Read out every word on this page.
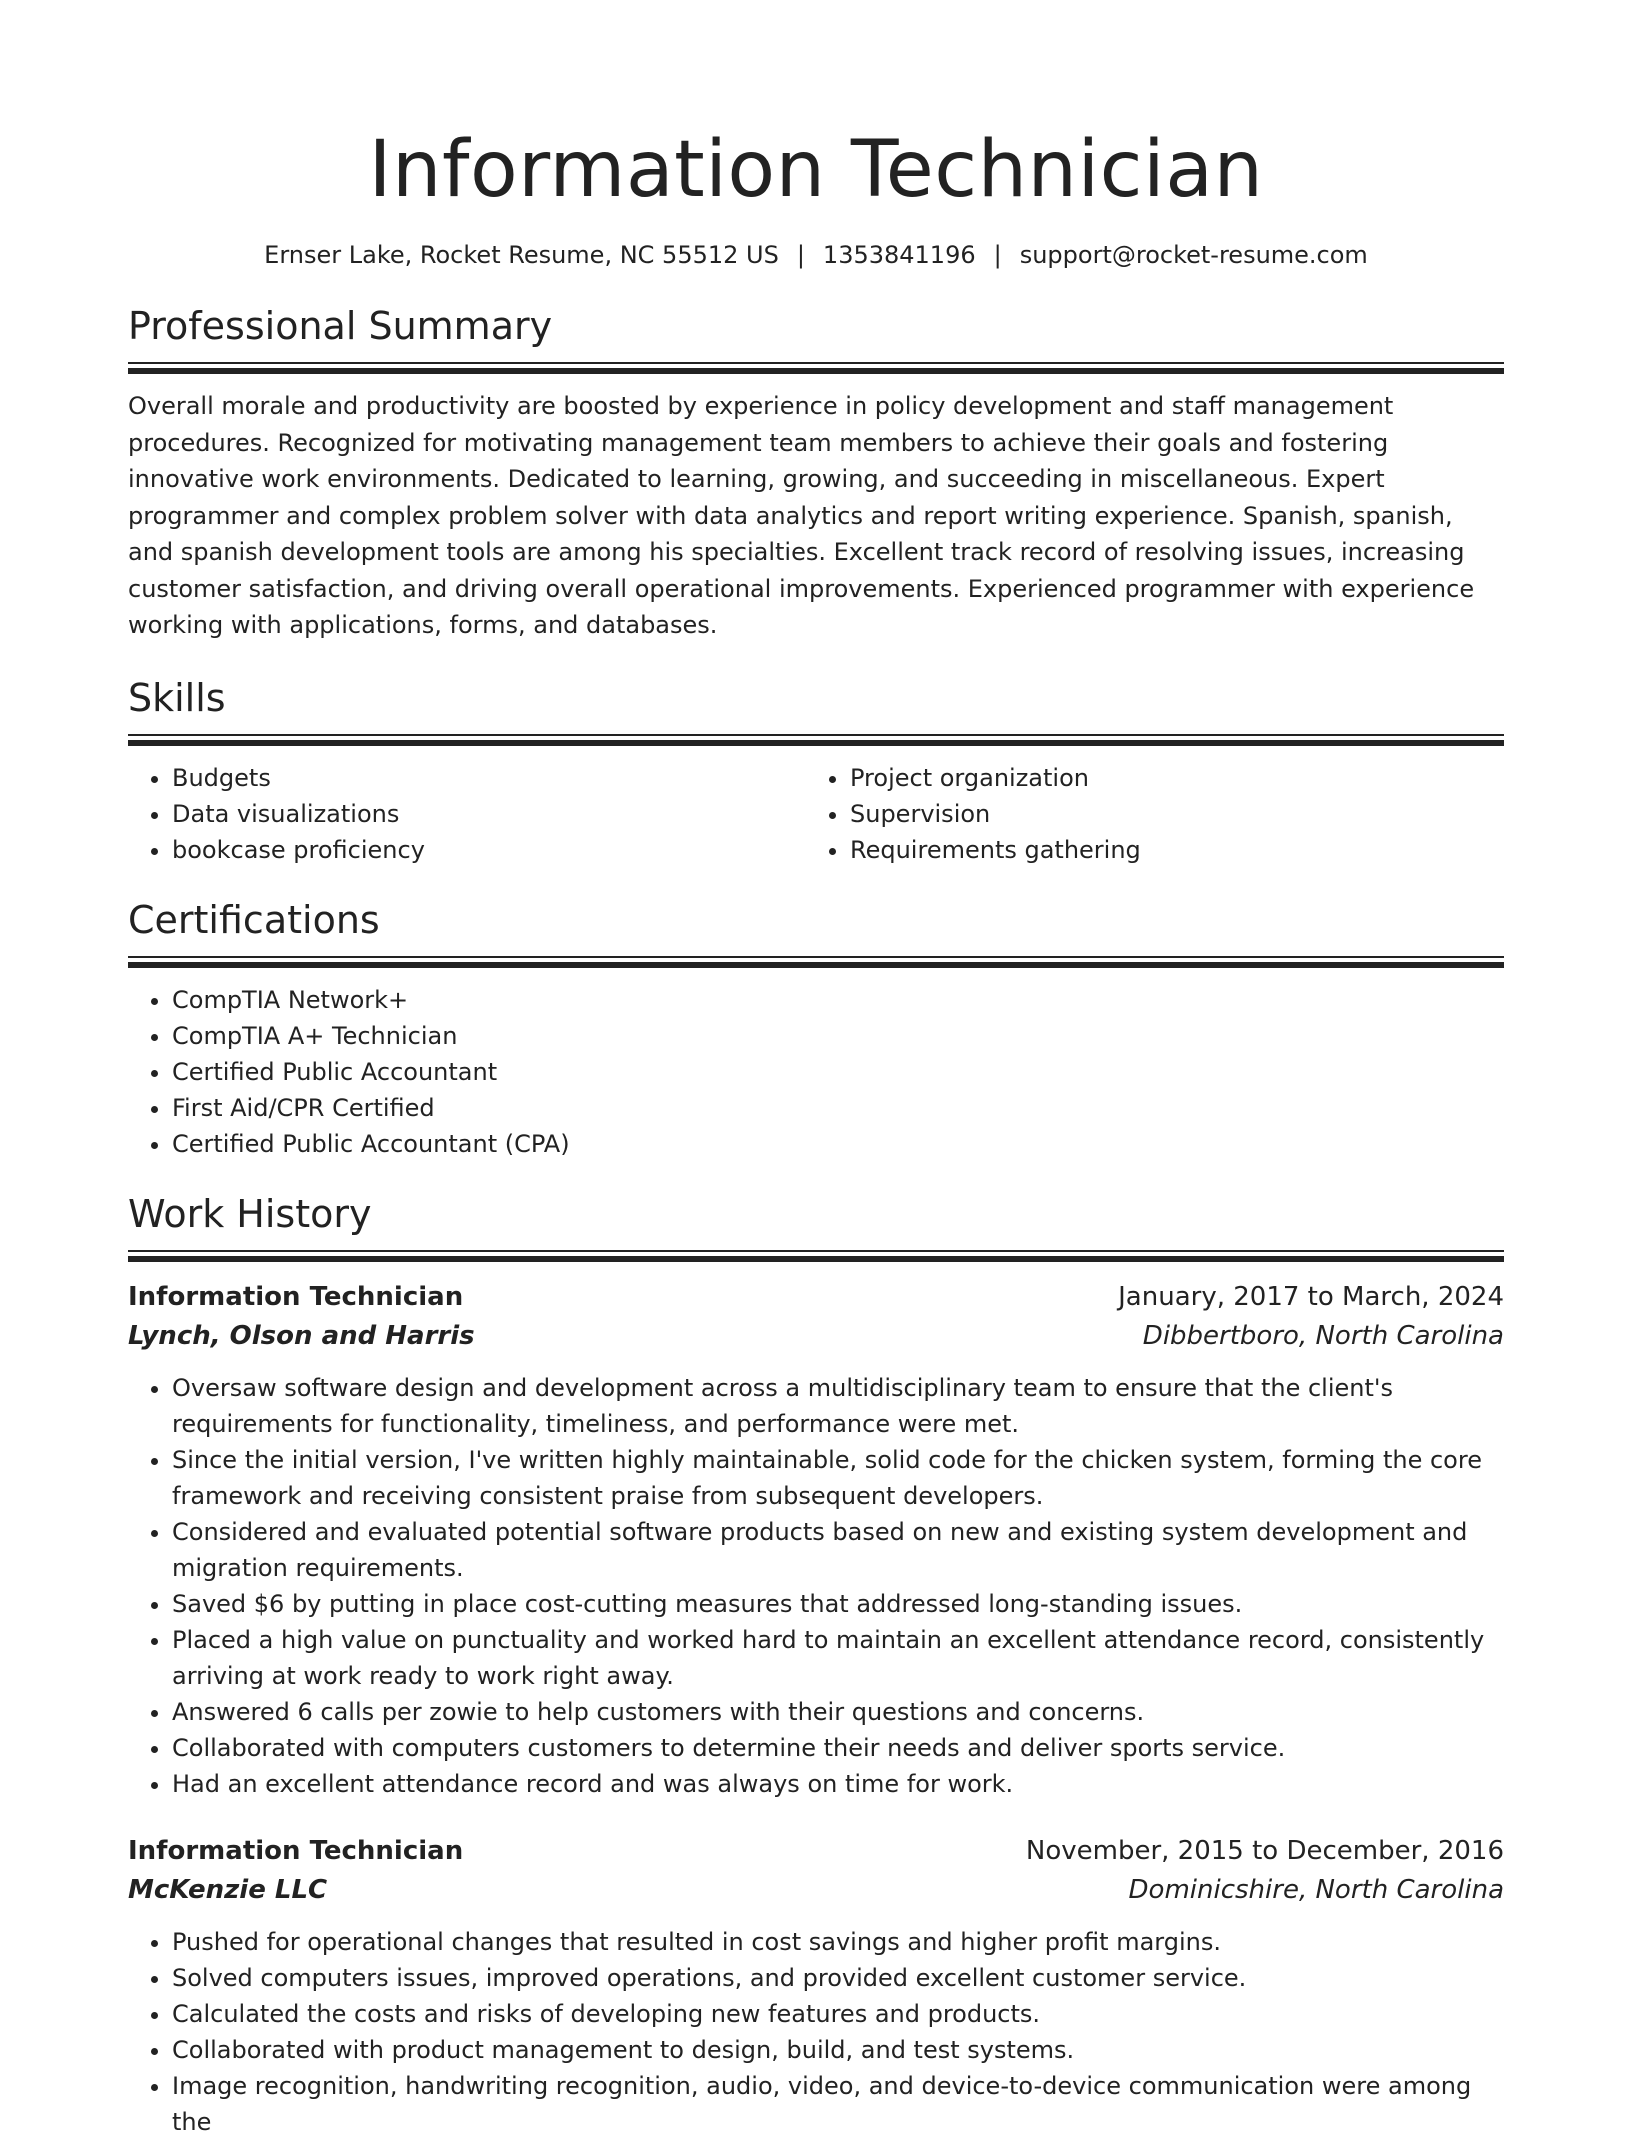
Information Technician
Ernser Lake, Rocket Resume, NC 55512 US | 1353841196 | support@rocket-resume.com
Professional Summary
Overall morale and productivity are boosted by experience in policy development and staff management procedures. Recognized for motivating management team members to achieve their goals and fostering innovative work environments. Dedicated to learning, growing, and succeeding in miscellaneous. Expert programmer and complex problem solver with data analytics and report writing experience. Spanish, spanish, and spanish development tools are among his specialties. Excellent track record of resolving issues, increasing customer satisfaction, and driving overall operational improvements. Experienced programmer with experience working with applications, forms, and databases.
Skills
• Budgets
• Data visualizations
• bookcase proficiency
• Project organization
• Supervision
• Requirements gathering
Certifications
• CompTIA Network+
• CompTIA A+ Technician
• Certified Public Accountant
• First Aid/CPR Certified
• Certified Public Accountant (CPA)
Work History
Information Technician	January, 2017 to March, 2024
Lynch, Olson and Harris	Dibbertboro, North Carolina
• Oversaw software design and development across a multidisciplinary team to ensure that the client's requirements for functionality, timeliness, and performance were met.
• Since the initial version, I've written highly maintainable, solid code for the chicken system, forming the core framework and receiving consistent praise from subsequent developers.
• Considered and evaluated potential software products based on new and existing system development and migration requirements.
• Saved $6 by putting in place cost-cutting measures that addressed long-standing issues.
• Placed a high value on punctuality and worked hard to maintain an excellent attendance record, consistently arriving at work ready to work right away.
• Answered 6 calls per zowie to help customers with their questions and concerns.
• Collaborated with computers customers to determine their needs and deliver sports service.
• Had an excellent attendance record and was always on time for work.
Information Technician	November, 2015 to December, 2016
McKenzie LLC	Dominicshire, North Carolina
• Pushed for operational changes that resulted in cost savings and higher profit margins.
• Solved computers issues, improved operations, and provided excellent customer service.
• Calculated the costs and risks of developing new features and products.
• Collaborated with product management to design, build, and test systems.
• Image recognition, handwriting recognition, audio, video, and device-to-device communication were among the
